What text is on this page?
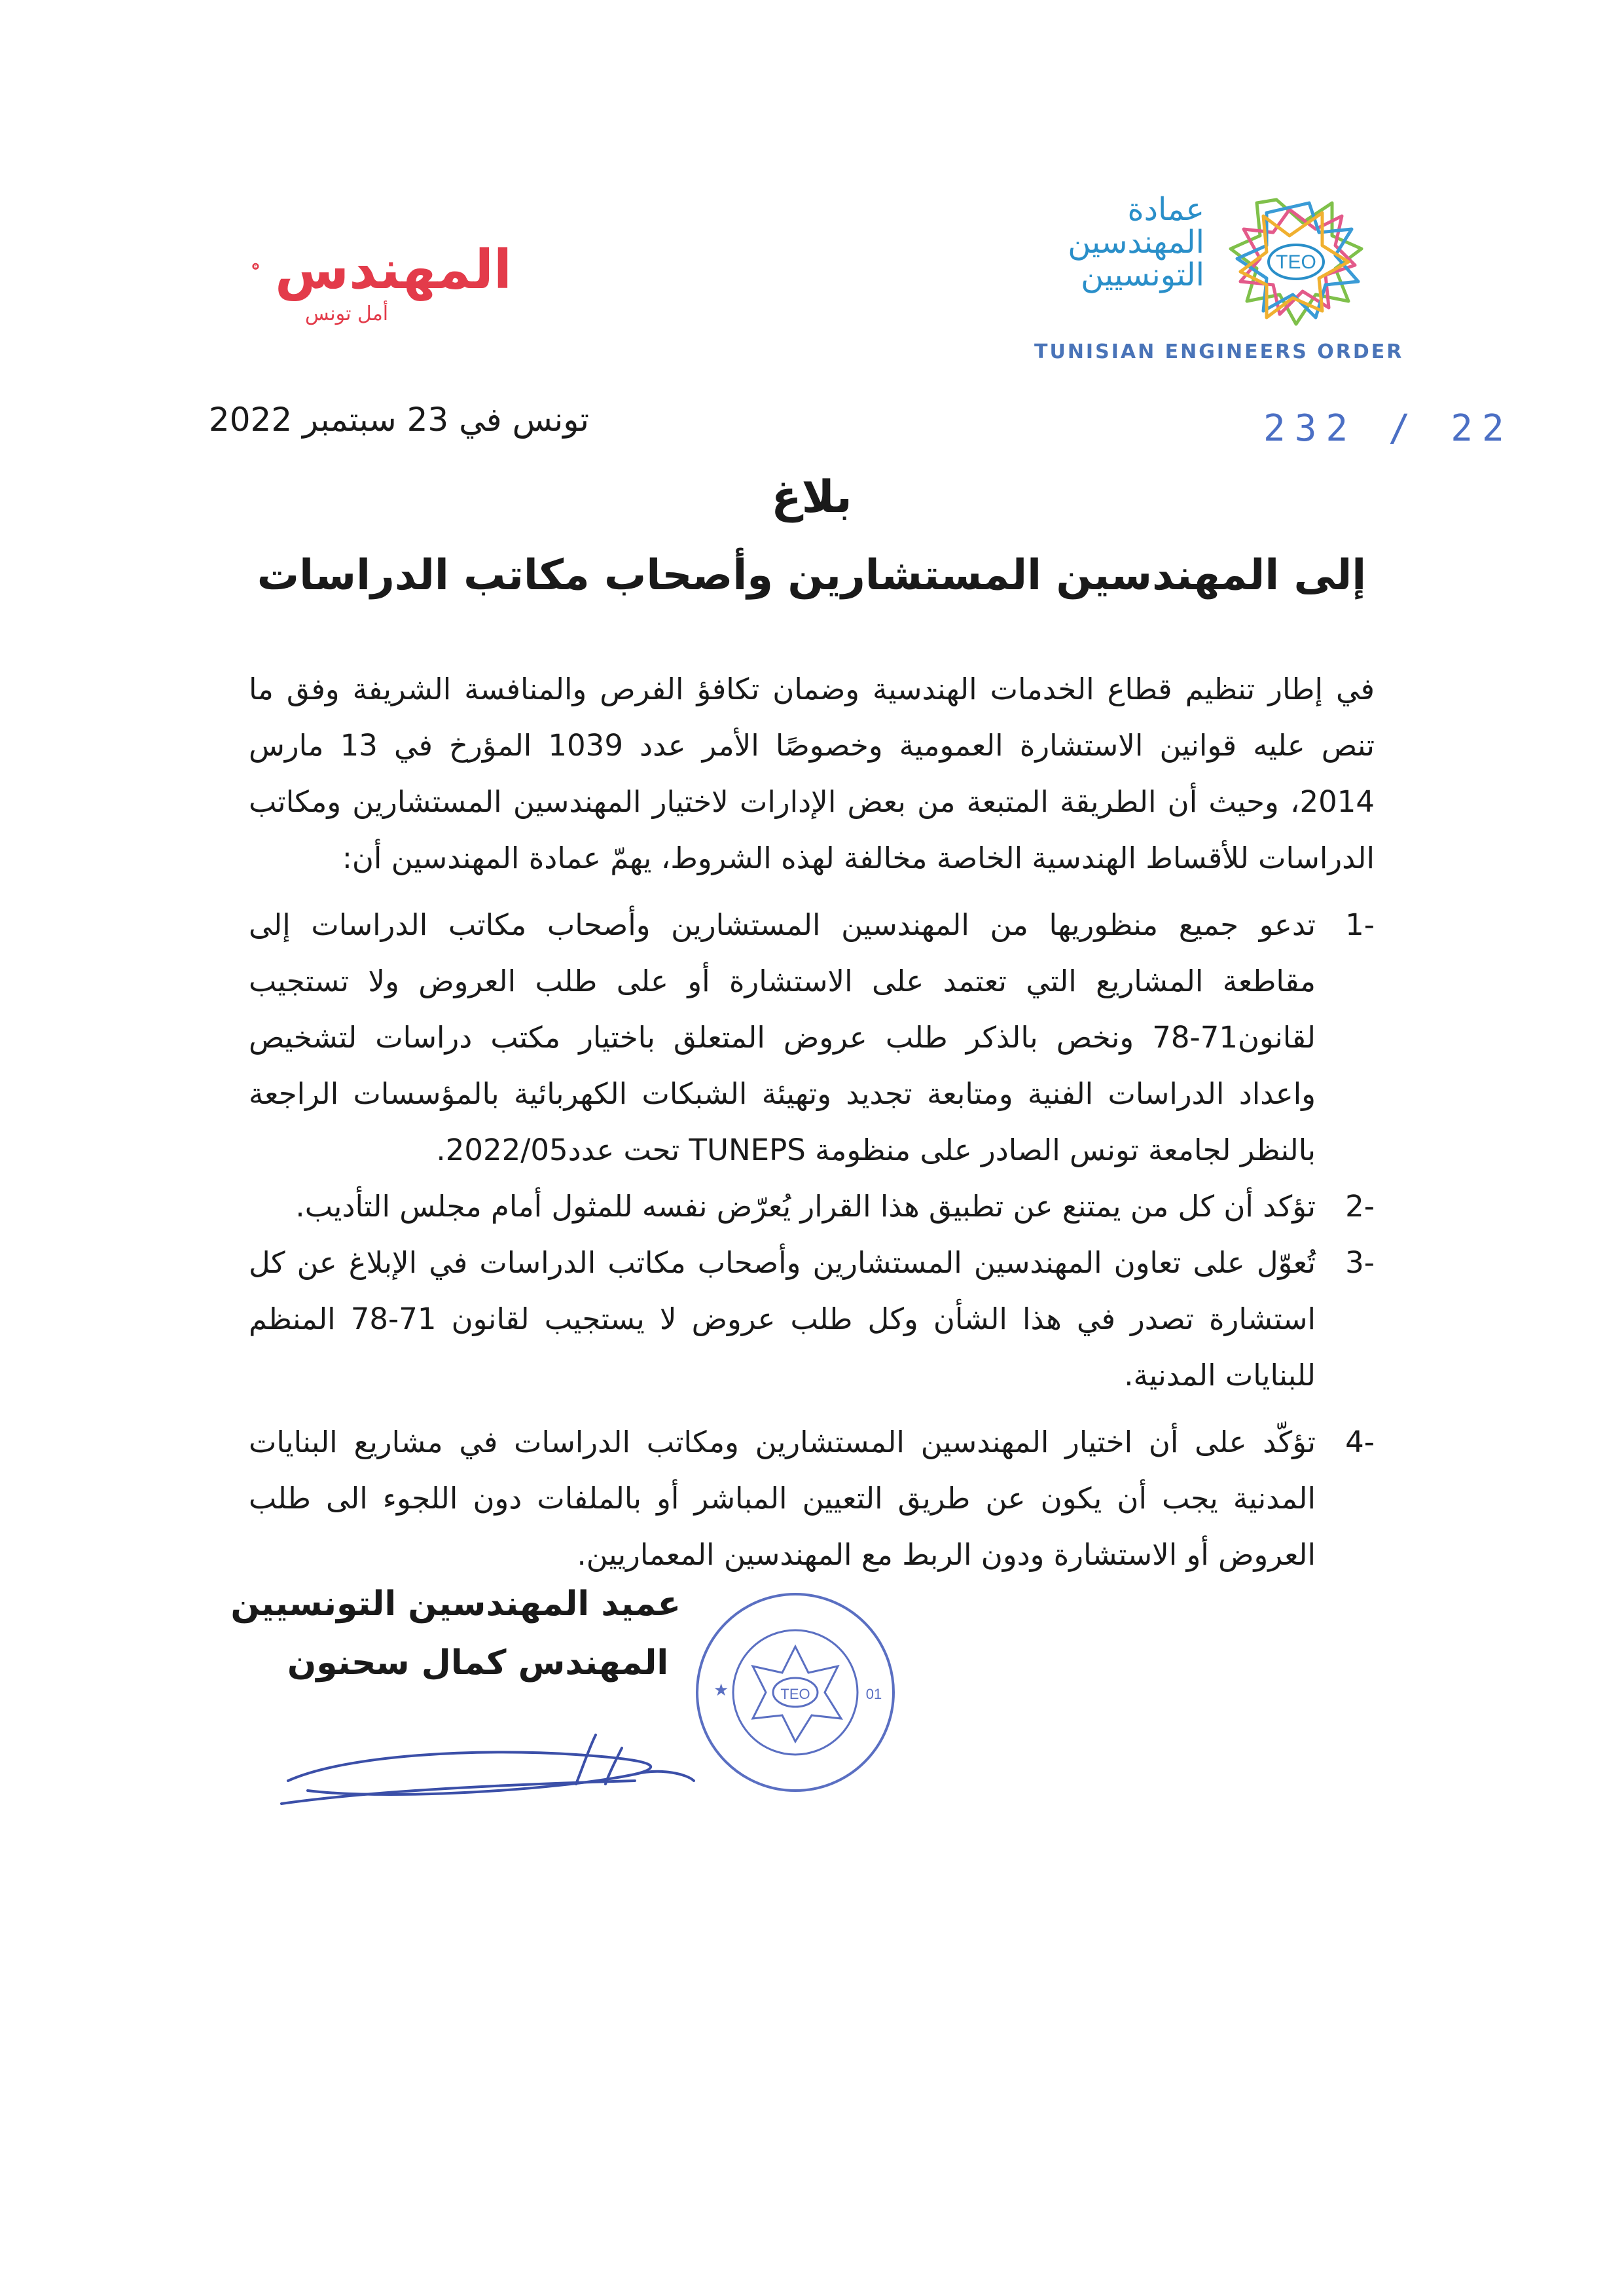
TEO
عمادة
المهندسين
التونسيين
TUNISIAN ENGINEERS ORDER
المهندس
أمل تونس
232 / 22
تونس في 23 سبتمبر 2022
بلاغ
إلى المهندسين المستشارين وأصحاب مكاتب الدراسات
في إطار تنظيم قطاع الخدمات الهندسية وضمان تكافؤ الفرص والمنافسة الشريفة وفق ما تنص عليه قوانين الاستشارة العمومية وخصوصًا الأمر عدد 1039 المؤرخ في 13 مارس 2014، وحيث أن الطريقة المتبعة من بعض الإدارات لاختيار المهندسين المستشارين ومكاتب الدراسات للأقساط الهندسية الخاصة مخالفة لهذه الشروط، يهمّ عمادة المهندسين أن:
-1
تدعو جميع منظوريها من المهندسين المستشارين وأصحاب مكاتب الدراسات إلى مقاطعة المشاريع التي تعتمد على الاستشارة أو على طلب العروض ولا تستجيب لقانون71-78 ونخص بالذكر طلب عروض المتعلق باختيار مكتب دراسات لتشخيص واعداد الدراسات الفنية ومتابعة تجديد وتهيئة الشبكات الكهربائية بالمؤسسات الراجعة بالنظر لجامعة تونس الصادر على منظومة TUNEPS تحت عدد2022/05.
-2
تؤكد أن كل من يمتنع عن تطبيق هذا القرار يُعرّض نفسه للمثول أمام مجلس التأديب.
-3
تُعوّل على تعاون المهندسين المستشارين وأصحاب مكاتب الدراسات في الإبلاغ عن كل استشارة تصدر في هذا الشأن وكل طلب عروض لا يستجيب لقانون 71-78 المنظم للبنايات المدنية.
-4
تؤكّد على أن اختيار المهندسين المستشارين ومكاتب الدراسات في مشاريع البنايات المدنية يجب أن يكون عن طريق التعيين المباشر أو بالملفات دون اللجوء الى طلب العروض أو الاستشارة ودون الربط مع المهندسين المعماريين.
عميد المهندسين التونسيين
المهندس كمال سحنون
TEO	01
★
